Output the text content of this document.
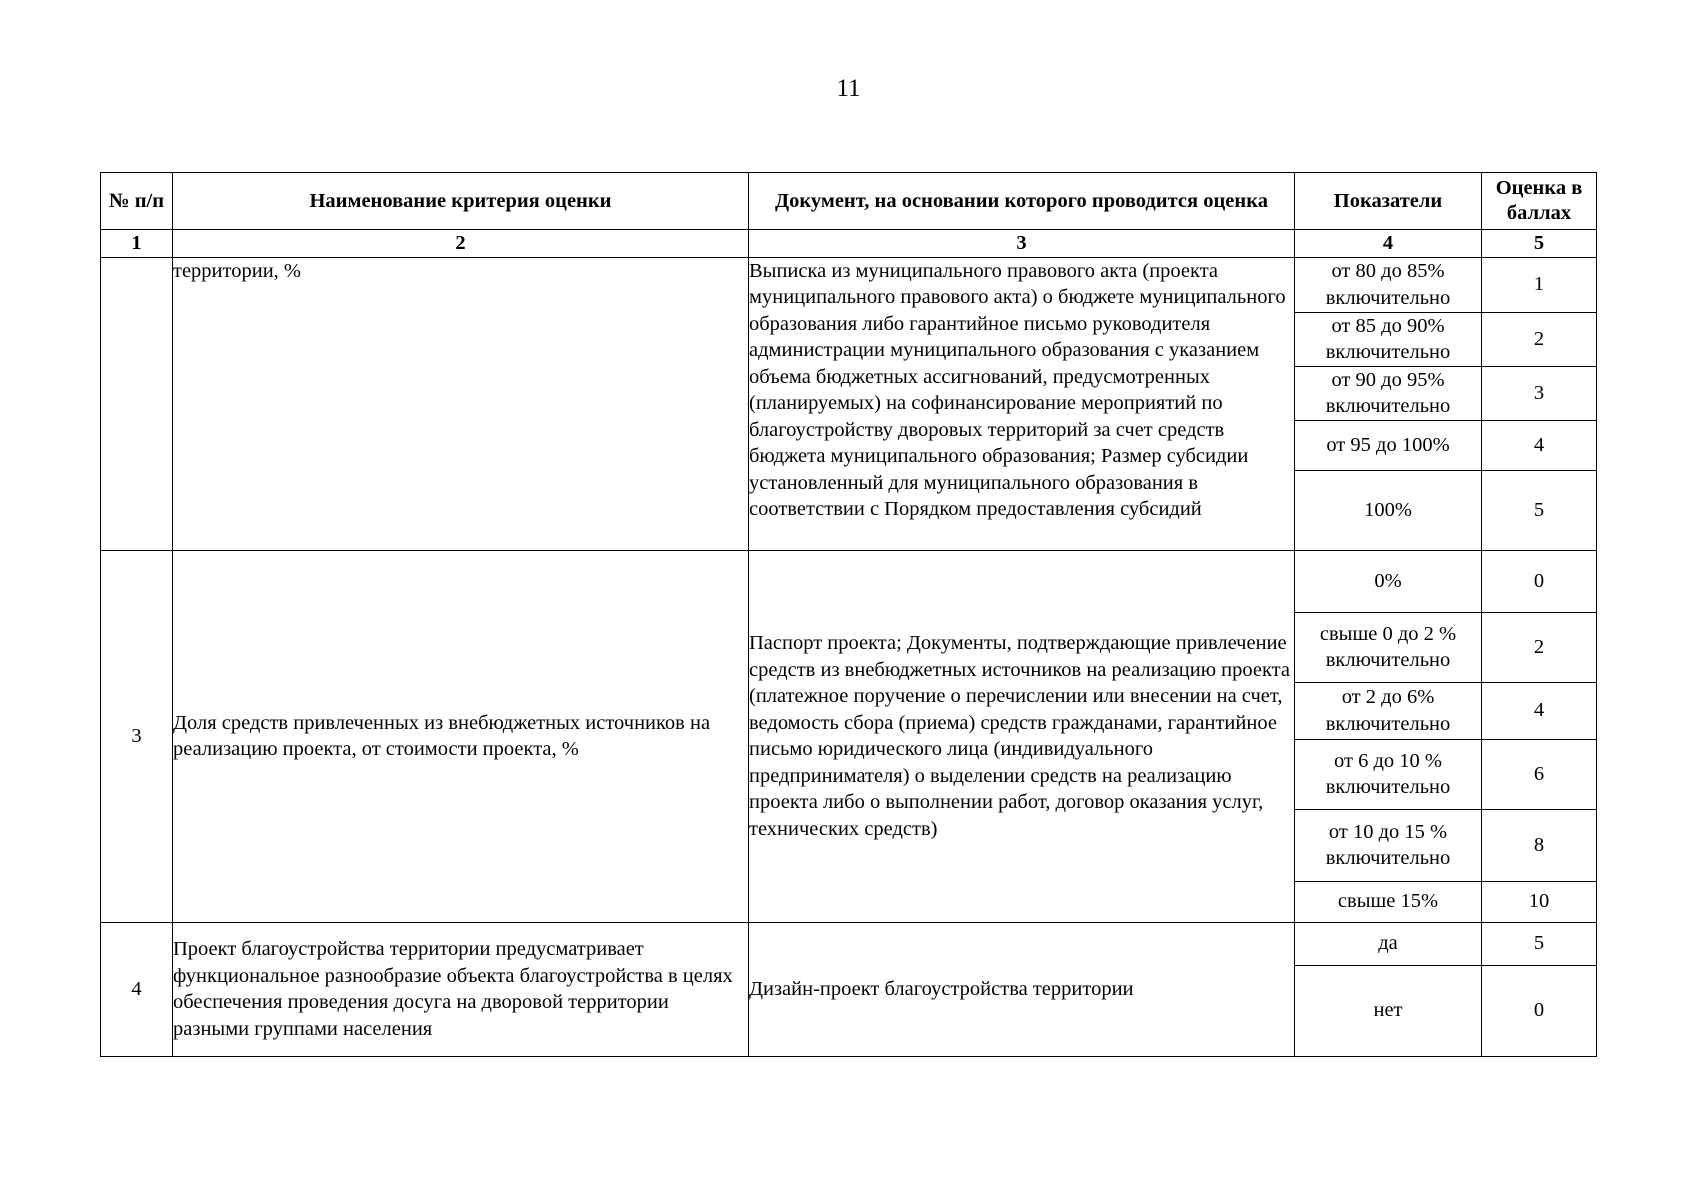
11
№ п/п	Наименование критерия оценки	Документ, на основании которого проводится оценка	Показатели	Оценка в баллах
1	2	3	4	5
	территории, %	Выписка из муниципального правового акта (проекта муниципального правового акта) о бюджете муниципального образования либо гарантийное письмо руководителя администрации муниципального образования с указанием объема бюджетных ассигнований, предусмотренных (планируемых) на софинансирование мероприятий по благоустройству дворовых территорий за счет средств бюджета муниципального образования; Размер субсидии установленный для муниципального образования в соответствии с Порядком предоставления субсидий	от 80 до 85% включительно	1
			от 85 до 90% включительно	2
			от 90 до 95% включительно	3
			от 95 до 100%	4
			100%	5
3	Доля средств привлеченных из внебюджетных источников на реализацию проекта, от стоимости проекта, %	Паспорт проекта; Документы, подтверждающие привлечение средств из внебюджетных источников на реализацию проекта (платежное поручение о перечислении или внесении на счет, ведомость сбора (приема) средств гражданами, гарантийное письмо юридического лица (индивидуального предпринимателя) о выделении средств на реализацию проекта либо о выполнении работ, договор оказания услуг, технических средств)	0%	0
			свыше 0 до 2 % включительно	2
			от 2 до 6% включительно	4
			от 6 до 10 % включительно	6
			от 10 до 15 % включительно	8
			свыше 15%	10
4	Проект благоустройства территории предусматривает функциональное разнообразие объекта благоустройства в целях обеспечения проведения досуга на дворовой территории разными группами населения	Дизайн-проект благоустройства территории	да	5
			нет	0
